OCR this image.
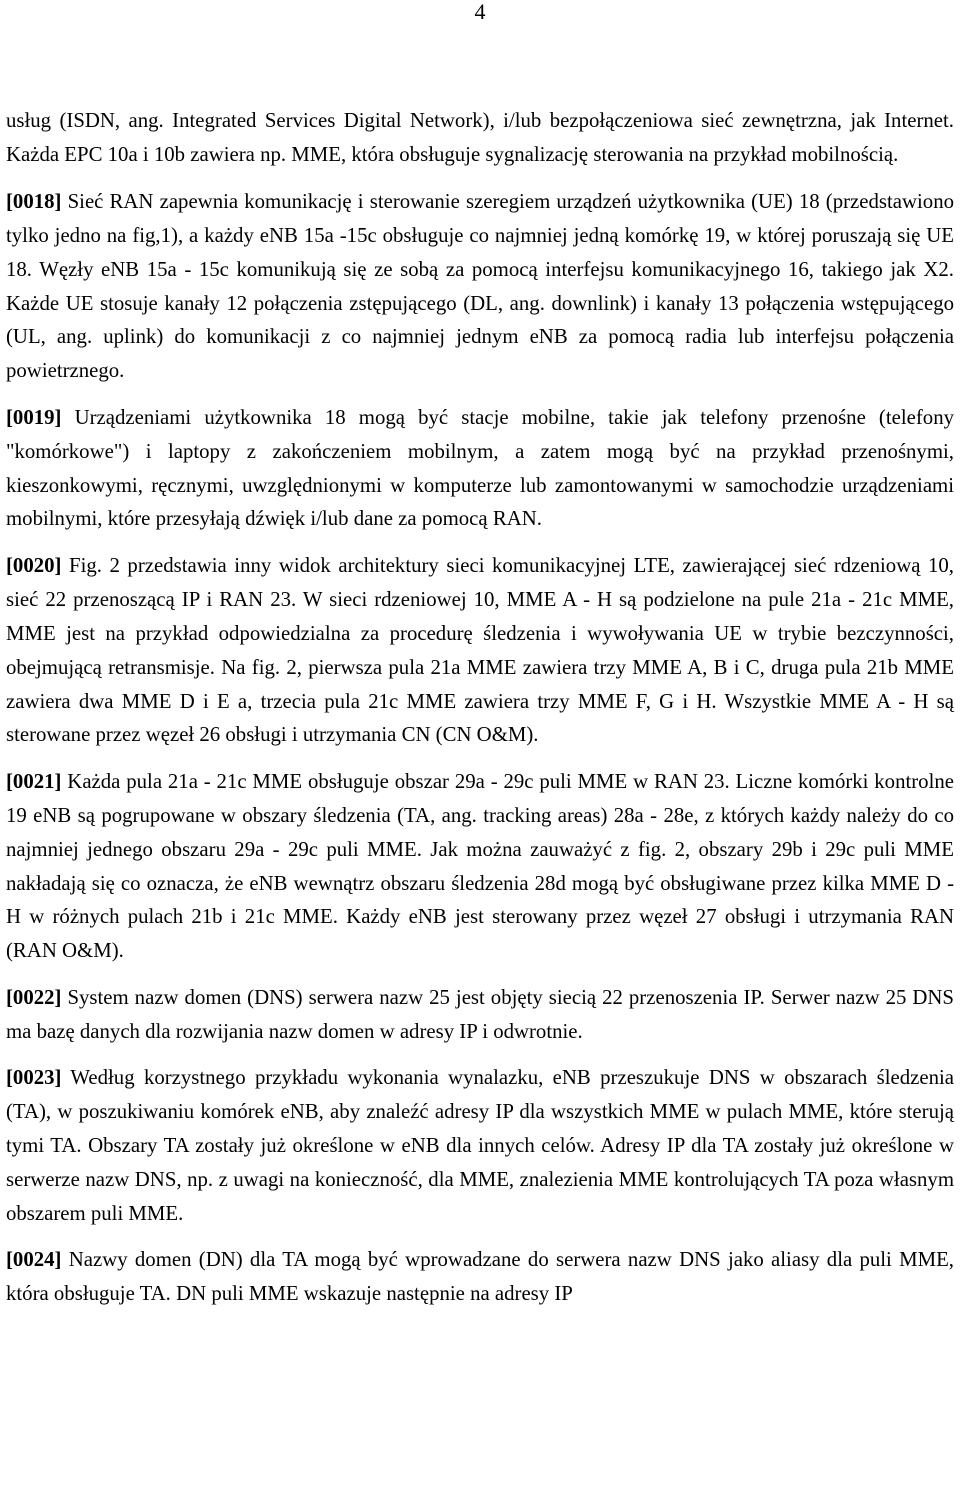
4

usług (ISDN, ang. Integrated Services Digital Network), i/lub bezpołączeniowa sieć zewnętrzna, jak Internet. Każda EPC 10a i 10b zawiera np. MME, która obsługuje sygnalizację sterowania na przykład mobilnością.

[0018] Sieć RAN zapewnia komunikację i sterowanie szeregiem urządzeń użytkownika (UE) 18 (przedstawiono tylko jedno na fig,1), a każdy eNB 15a -15c obsługuje co najmniej jedną komórkę 19, w której poruszają się UE 18. Węzły eNB 15a - 15c komunikują się ze sobą za pomocą interfejsu komunikacyjnego 16, takiego jak X2. Każde UE stosuje kanały 12 połączenia zstępującego (DL, ang. downlink) i kanały 13 połączenia wstępującego (UL, ang. uplink) do komunikacji z co najmniej jednym eNB za pomocą radia lub interfejsu połączenia powietrznego.

[0019] Urządzeniami użytkownika 18 mogą być stacje mobilne, takie jak telefony przenośne (telefony "komórkowe") i laptopy z zakończeniem mobilnym, a zatem mogą być na przykład przenośnymi, kieszonkowymi, ręcznymi, uwzględnionymi w komputerze lub zamontowanymi w samochodzie urządzeniami mobilnymi, które przesyłają dźwięk i/lub dane za pomocą RAN.

[0020] Fig. 2 przedstawia inny widok architektury sieci komunikacyjnej LTE, zawierającej sieć rdzeniową 10, sieć 22 przenoszącą IP i RAN 23. W sieci rdzeniowej 10, MME A - H są podzielone na pule 21a - 21c MME, MME jest na przykład odpowiedzialna za procedurę śledzenia i wywoływania UE w trybie bezczynności, obejmującą retransmisje. Na fig. 2, pierwsza pula 21a MME zawiera trzy MME A, B i C, druga pula 21b MME zawiera dwa MME D i E a, trzecia pula 21c MME zawiera trzy MME F, G i H. Wszystkie MME A - H są sterowane przez węzeł 26 obsługi i utrzymania CN (CN O&M).

[0021] Każda pula 21a - 21c MME obsługuje obszar 29a - 29c puli MME w RAN 23. Liczne komórki kontrolne 19 eNB są pogrupowane w obszary śledzenia (TA, ang. tracking areas) 28a - 28e, z których każdy należy do co najmniej jednego obszaru 29a - 29c puli MME. Jak można zauważyć z fig. 2, obszary 29b i 29c puli MME nakładają się co oznacza, że eNB wewnątrz obszaru śledzenia 28d mogą być obsługiwane przez kilka MME D - H w różnych pulach 21b i 21c MME. Każdy eNB jest sterowany przez węzeł 27 obsługi i utrzymania RAN (RAN O&M).

[0022] System nazw domen (DNS) serwera nazw 25 jest objęty siecią 22 przenoszenia IP. Serwer nazw 25 DNS ma bazę danych dla rozwijania nazw domen w adresy IP i odwrotnie.

[0023] Według korzystnego przykładu wykonania wynalazku, eNB przeszukuje DNS w obszarach śledzenia (TA), w poszukiwaniu komórek eNB, aby znaleźć adresy IP dla wszystkich MME w pulach MME, które sterują tymi TA. Obszary TA zostały już określone w eNB dla innych celów. Adresy IP dla TA zostały już określone w serwerze nazw DNS, np. z uwagi na konieczność, dla MME, znalezienia MME kontrolujących TA poza własnym obszarem puli MME.

[0024] Nazwy domen (DN) dla TA mogą być wprowadzane do serwera nazw DNS jako aliasy dla puli MME, która obsługuje TA. DN puli MME wskazuje następnie na adresy IP
